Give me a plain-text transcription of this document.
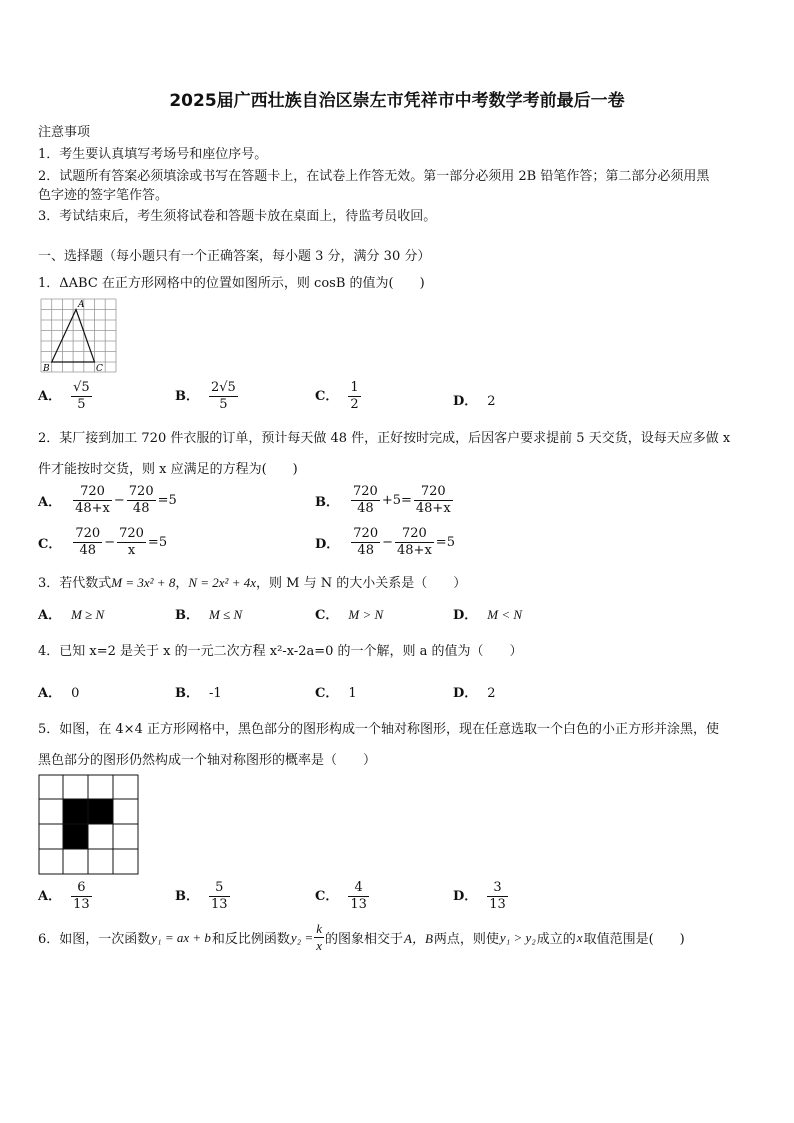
2025届广西壮族自治区崇左市凭祥市中考数学考前最后一卷
注意事项
1．考生要认真填写考场号和座位序号。
2．试题所有答案必须填涂或书写在答题卡上，在试卷上作答无效。第一部分必须用 2B 铅笔作答；第二部分必须用黑
色字迹的签字笔作答。
3．考试结束后，考生须将试卷和答题卡放在桌面上，待监考员收回。
一、选择题（每小题只有一个正确答案，每小题 3 分，满分 30 分）
1．ΔABC 在正方形网格中的位置如图所示，则 cosB 的值为(　　)
A
B	C
A． $\frac{√5}{5}$	B． $\frac{2√5}{5}$	C． $\frac{1}{2}$	D． 2
2．某厂接到加工 720 件衣服的订单，预计每天做 48 件，正好按时完成，后因客户要求提前 5 天交货，设每天应多做 x
件才能按时交货，则 x 应满足的方程为(　　)
A． $\frac{720}{48+x} - \frac{720}{48} =5$	B． $\frac{720}{48} +5= \frac{720}{48+x}$
C． $\frac{720}{48} - \frac{720}{x} =5$	D． $\frac{720}{48} - \frac{720}{48+x} =5$
3．若代数式M = 3x² + 8，N = 2x² + 4x，则 M 与 N 的大小关系是（　　）
A． M ≥ N	B． M ≤ N	C． M > N	D． M < N
4．已知 x=2 是关于 x 的一元二次方程 x²-x-2a=0 的一个解，则 a 的值为（　　）
A． 0	B． -1	C． 1	D． 2
5．如图，在 4×4 正方形网格中，黑色部分的图形构成一个轴对称图形，现在任意选取一个白色的小正方形并涂黑，使
黑色部分的图形仍然构成一个轴对称图形的概率是（　　）
A． $\frac{6}{13}$	B． $\frac{5}{13}$	C． $\frac{4}{13}$	D． $\frac{3}{13}$
6．如图，一次函数 y₁ = ax + b 和反比例函数 $y_2 = \frac{k}{x}$ 的图象相交于 A，B 两点，则使 y₁ > y₂ 成立的 x 取值范围是(　　)
